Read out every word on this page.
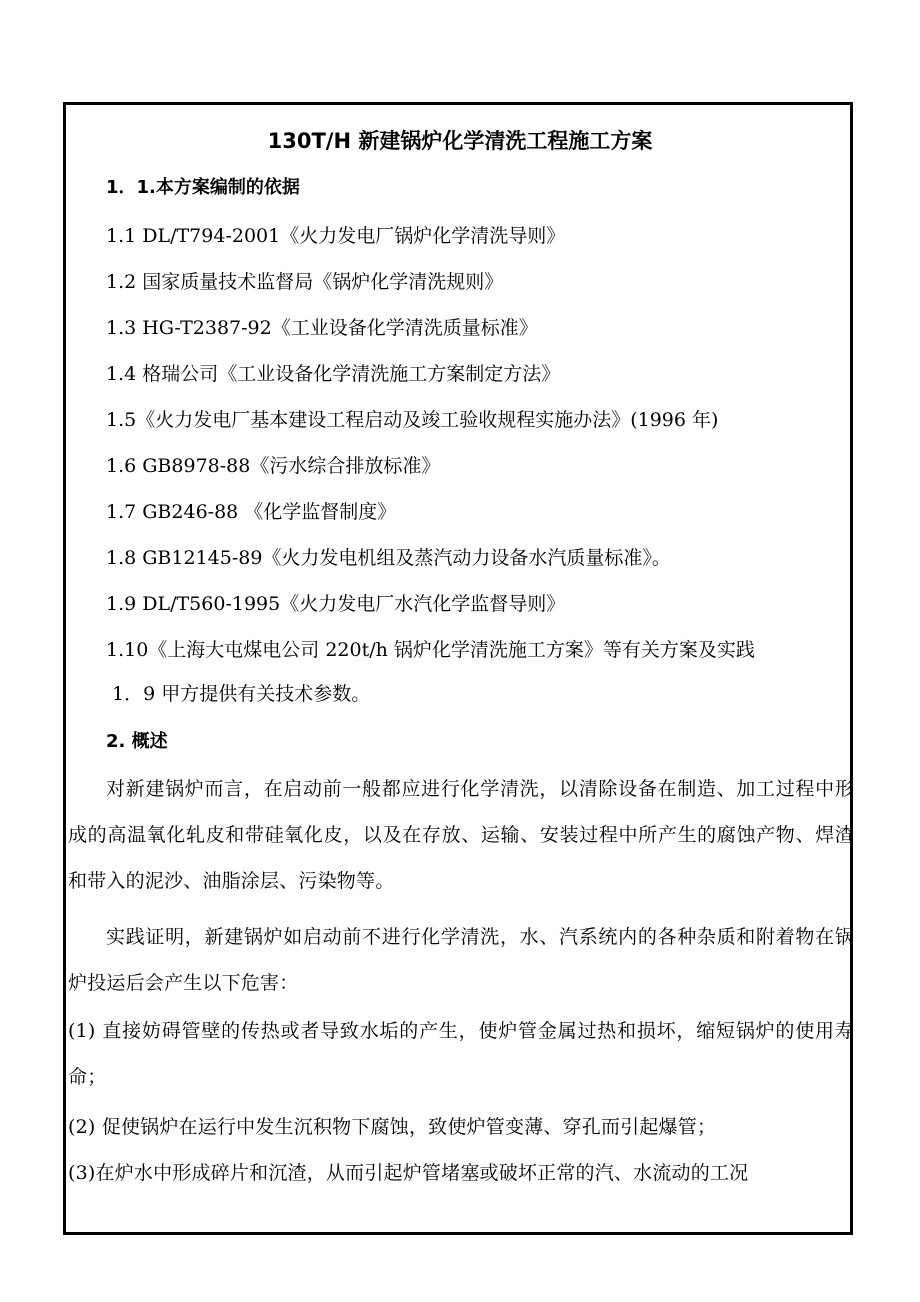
130T/H 新建锅炉化学清洗工程施工方案
1．1.本方案编制的依据
1.1 DL/T794-2001《火力发电厂锅炉化学清洗导则》
1.2 国家质量技术监督局《锅炉化学清洗规则》
1.3 HG-T2387-92《工业设备化学清洗质量标准》
1.4 格瑞公司《工业设备化学清洗施工方案制定方法》
1.5《火力发电厂基本建设工程启动及竣工验收规程实施办法》(1996 年)
1.6 GB8978-88《污水综合排放标准》
1.7 GB246-88 《化学监督制度》
1.8 GB12145-89《火力发电机组及蒸汽动力设备水汽质量标准》。
1.9 DL/T560-1995《火力发电厂水汽化学监督导则》
1.10《上海大屯煤电公司 220t/h 锅炉化学清洗施工方案》等有关方案及实践
1．9 甲方提供有关技术参数。
2. 概述
对新建锅炉而言，在启动前一般都应进行化学清洗，以清除设备在制造、加工过程中形成的高温氧化轧皮和带硅氧化皮，以及在存放、运输、安装过程中所产生的腐蚀产物、焊渣和带入的泥沙、油脂涂层、污染物等。
实践证明，新建锅炉如启动前不进行化学清洗，水、汽系统内的各种杂质和附着物在锅炉投运后会产生以下危害：
(1) 直接妨碍管壁的传热或者导致水垢的产生，使炉管金属过热和损坏，缩短锅炉的使用寿命；
(2) 促使锅炉在运行中发生沉积物下腐蚀，致使炉管变薄、穿孔而引起爆管；
(3)在炉水中形成碎片和沉渣，从而引起炉管堵塞或破坏正常的汽、水流动的工况
